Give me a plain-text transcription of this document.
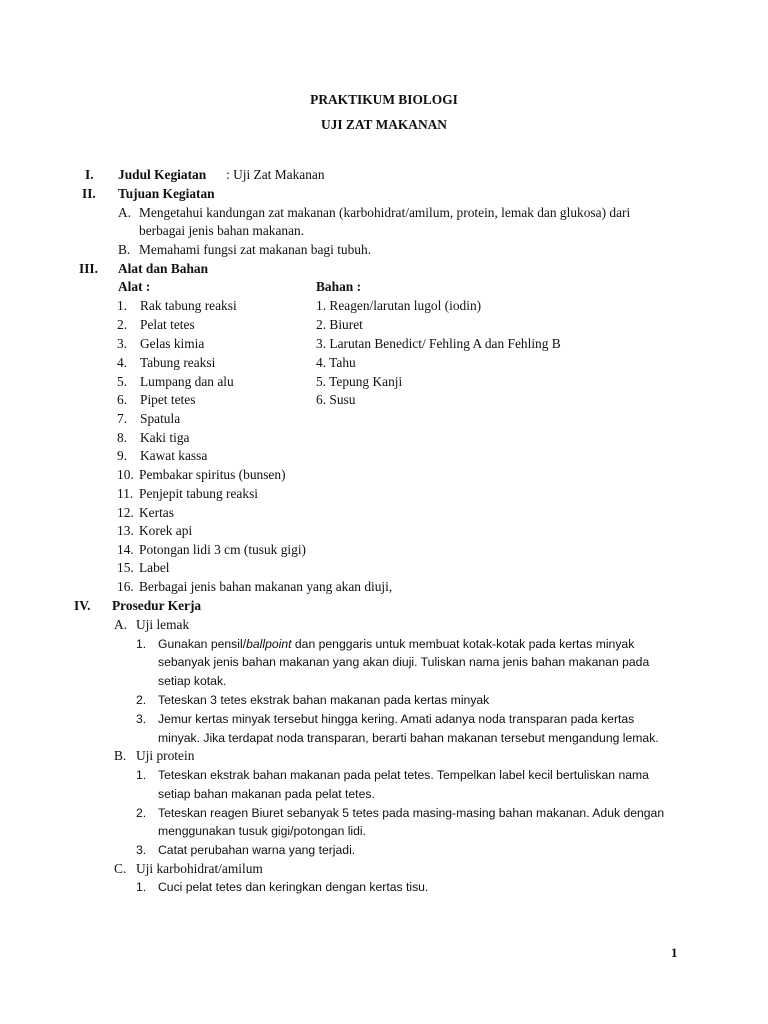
PRAKTIKUM BIOLOGI
UJI ZAT MAKANAN
I. Judul Kegiatan : Uji Zat Makanan
II. Tujuan Kegiatan
A. Mengetahui kandungan zat makanan (karbohidrat/amilum, protein, lemak dan glukosa) dari
berbagai jenis bahan makanan.
B. Memahami fungsi zat makanan bagi tubuh.
III. Alat dan Bahan
Alat :	Bahan :
1. Rak tabung reaksi
2. Pelat tetes
3. Gelas kimia
4. Tabung reaksi
5. Lumpang dan alu
6. Pipet tetes
7. Spatula
8. Kaki tiga
9. Kawat kassa
10. Pembakar spiritus (bunsen)
11. Penjepit tabung reaksi
12. Kertas
13. Korek api
14. Potongan lidi 3 cm (tusuk gigi)
15. Label
16. Berbagai jenis bahan makanan yang akan diuji,
1. Reagen/larutan lugol (iodin)
2. Biuret
3. Larutan Benedict/ Fehling A dan Fehling B
4. Tahu
5. Tepung Kanji
6. Susu
IV. Prosedur Kerja
A. Uji lemak
1. Gunakan pensil/ballpoint dan penggaris untuk membuat kotak-kotak pada kertas minyak
sebanyak jenis bahan makanan yang akan diuji. Tuliskan nama jenis bahan makanan pada
setiap kotak.
2. Teteskan 3 tetes ekstrak bahan makanan pada kertas minyak
3. Jemur kertas minyak tersebut hingga kering. Amati adanya noda transparan pada kertas
minyak. Jika terdapat noda transparan, berarti bahan makanan tersebut mengandung lemak.
B. Uji protein
1. Teteskan ekstrak bahan makanan pada pelat tetes. Tempelkan label kecil bertuliskan nama
setiap bahan makanan pada pelat tetes.
2. Teteskan reagen Biuret sebanyak 5 tetes pada masing-masing bahan makanan. Aduk dengan
menggunakan tusuk gigi/potongan lidi.
3. Catat perubahan warna yang terjadi.
C. Uji karbohidrat/amilum
1. Cuci pelat tetes dan keringkan dengan kertas tisu.
1
